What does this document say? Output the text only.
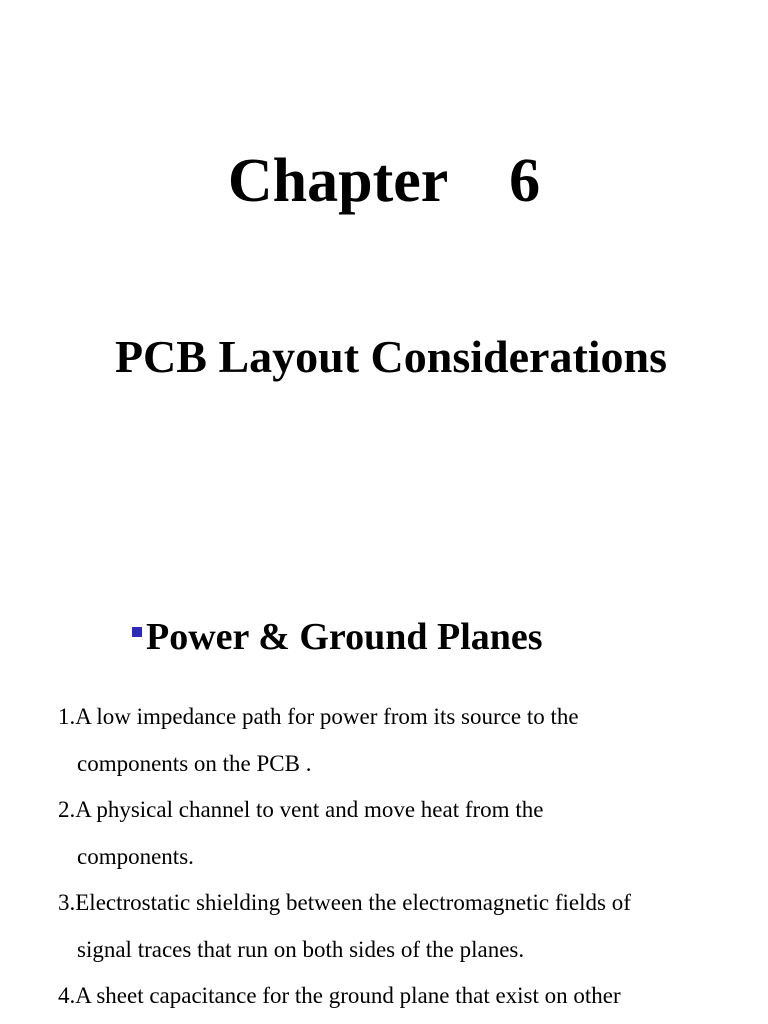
Chapter 6
PCB Layout Considerations
Power & Ground Planes
1.A low impedance path for power from its source to the
components on the PCB .
2.A physical channel to vent and move heat from the
components.
3.Electrostatic shielding between the electromagnetic fields of
signal traces that run on both sides of the planes.
4.A sheet capacitance for the ground plane that exist on other
